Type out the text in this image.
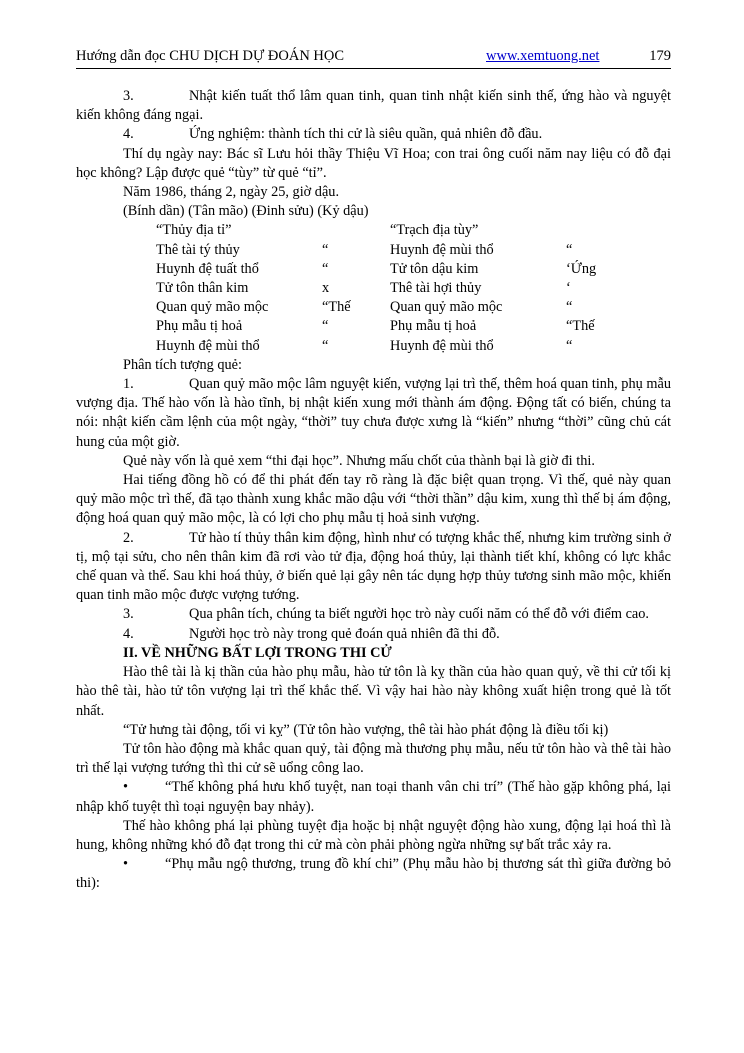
Hướng dẫn đọc CHU DỊCH DỰ ĐOÁN HỌC	www.xemtuong.net	179

3.	Nhật kiến tuất thổ lâm quan tinh, quan tinh nhật kiến sinh thế, ứng hào và nguyệt kiến không đáng ngại.

4.	Ứng nghiệm: thành tích thi cử là siêu quần, quả nhiên đỗ đầu.

Thí dụ ngày nay: Bác sĩ Lưu hỏi thầy Thiệu Vĩ Hoa; con trai ông cuối năm nay liệu có đỗ đại học không? Lập được quẻ “tùy” từ quẻ “tỉ”.

Năm 1986, tháng 2, ngày 25, giờ dậu.

(Bính dần) (Tân mão) (Đinh sửu) (Kỷ dậu)

“Thủy địa tỉ”		“Trạch địa tùy”	
Thê tài tý thủy	“	Huynh đệ mùi thổ	“
Huynh đệ tuất thổ	“	Tử tôn dậu kim	‘Ứng
Tử tôn thân kim	x	Thê tài hợi thủy	‘
Quan quỷ mão mộc	“Thế	Quan quỷ mão mộc	“
Phụ mẫu tị hoả	“	Phụ mẫu tị hoả	“Thế
Huynh đệ mùi thổ	“	Huynh đệ mùi thổ	“

Phân tích tượng quẻ:

1.	Quan quỷ mão mộc lâm nguyệt kiến, vượng lại trì thế, thêm hoá quan tinh, phụ mẫu vượng địa. Thế hào vốn là hào tĩnh, bị nhật kiến xung mới thành ám động. Động tất có biến, chúng ta nói: nhật kiến cầm lệnh của một ngày, “thời” tuy chưa được xưng là “kiến” nhưng “thời” cũng chủ cát hung của một giờ.

Quẻ này vốn là quẻ xem “thi đại học”. Nhưng mấu chốt của thành bại là giờ đi thi.

Hai tiếng đồng hồ có để thi phát đến tay rõ ràng là đặc biệt quan trọng. Vì thế, quẻ này quan quỷ mão mộc trì thế, đã tạo thành xung khắc mão dậu với “thời thần” dậu kim, xung thì thế bị ám động, động hoá quan quỷ mão mộc, là có lợi cho phụ mẫu tị hoả sinh vượng.

2.	Tử hào tí thủy thân kim động, hình như có tượng khắc thế, nhưng kim trường sinh ở tị, mộ tại sửu, cho nên thân kim đã rơi vào tử địa, động hoá thủy, lại thành tiết khí, không có lực khắc chế quan và thế. Sau khi hoá thủy, ở biến quẻ lại gây nên tác dụng hợp thủy tương sinh mão mộc, khiến quan tinh mão mộc được vượng tướng.

3.	Qua phân tích, chúng ta biết người học trò này cuối năm có thể đỗ với điểm cao.

4.	Người học trò này trong quẻ đoán quả nhiên đã thi đỗ.

II. VỀ NHỮNG BẤT LỢI TRONG THI CỬ

Hào thê tài là kị thần của hào phụ mẫu, hào tử tôn là kỵ thần của hào quan quỷ, về thi cử tối kị hào thê tài, hào tử tôn vượng lại trì thế khắc thế. Vì vậy hai hào này không xuất hiện trong quẻ là tốt nhất.

“Tử hưng tài động, tối vi kỵ” (Tử tôn hào vượng, thê tài hào phát động là điều tối kị)

Tử tôn hào động mà khắc quan quỷ, tài động mà thương phụ mẫu, nếu tử tôn hào và thê tài hào trì thế lại vượng tướng thì thi cử sẽ uổng công lao.

•	“Thế không phá hưu khố tuyệt, nan toại thanh vân chi trí” (Thế hào gặp không phá, lại nhập khố tuyệt thì toại nguyện bay nhảy).

Thế hào không phá lại phùng tuyệt địa hoặc bị nhật nguyệt động hào xung, động lại hoá thì là hung, không những khó đỗ đạt trong thi cử mà còn phải phòng ngừa những sự bất trắc xảy ra.

•	“Phụ mẫu ngộ thương, trung đồ khí chi” (Phụ mẫu hào bị thương sát thì giữa đường bỏ thi):
